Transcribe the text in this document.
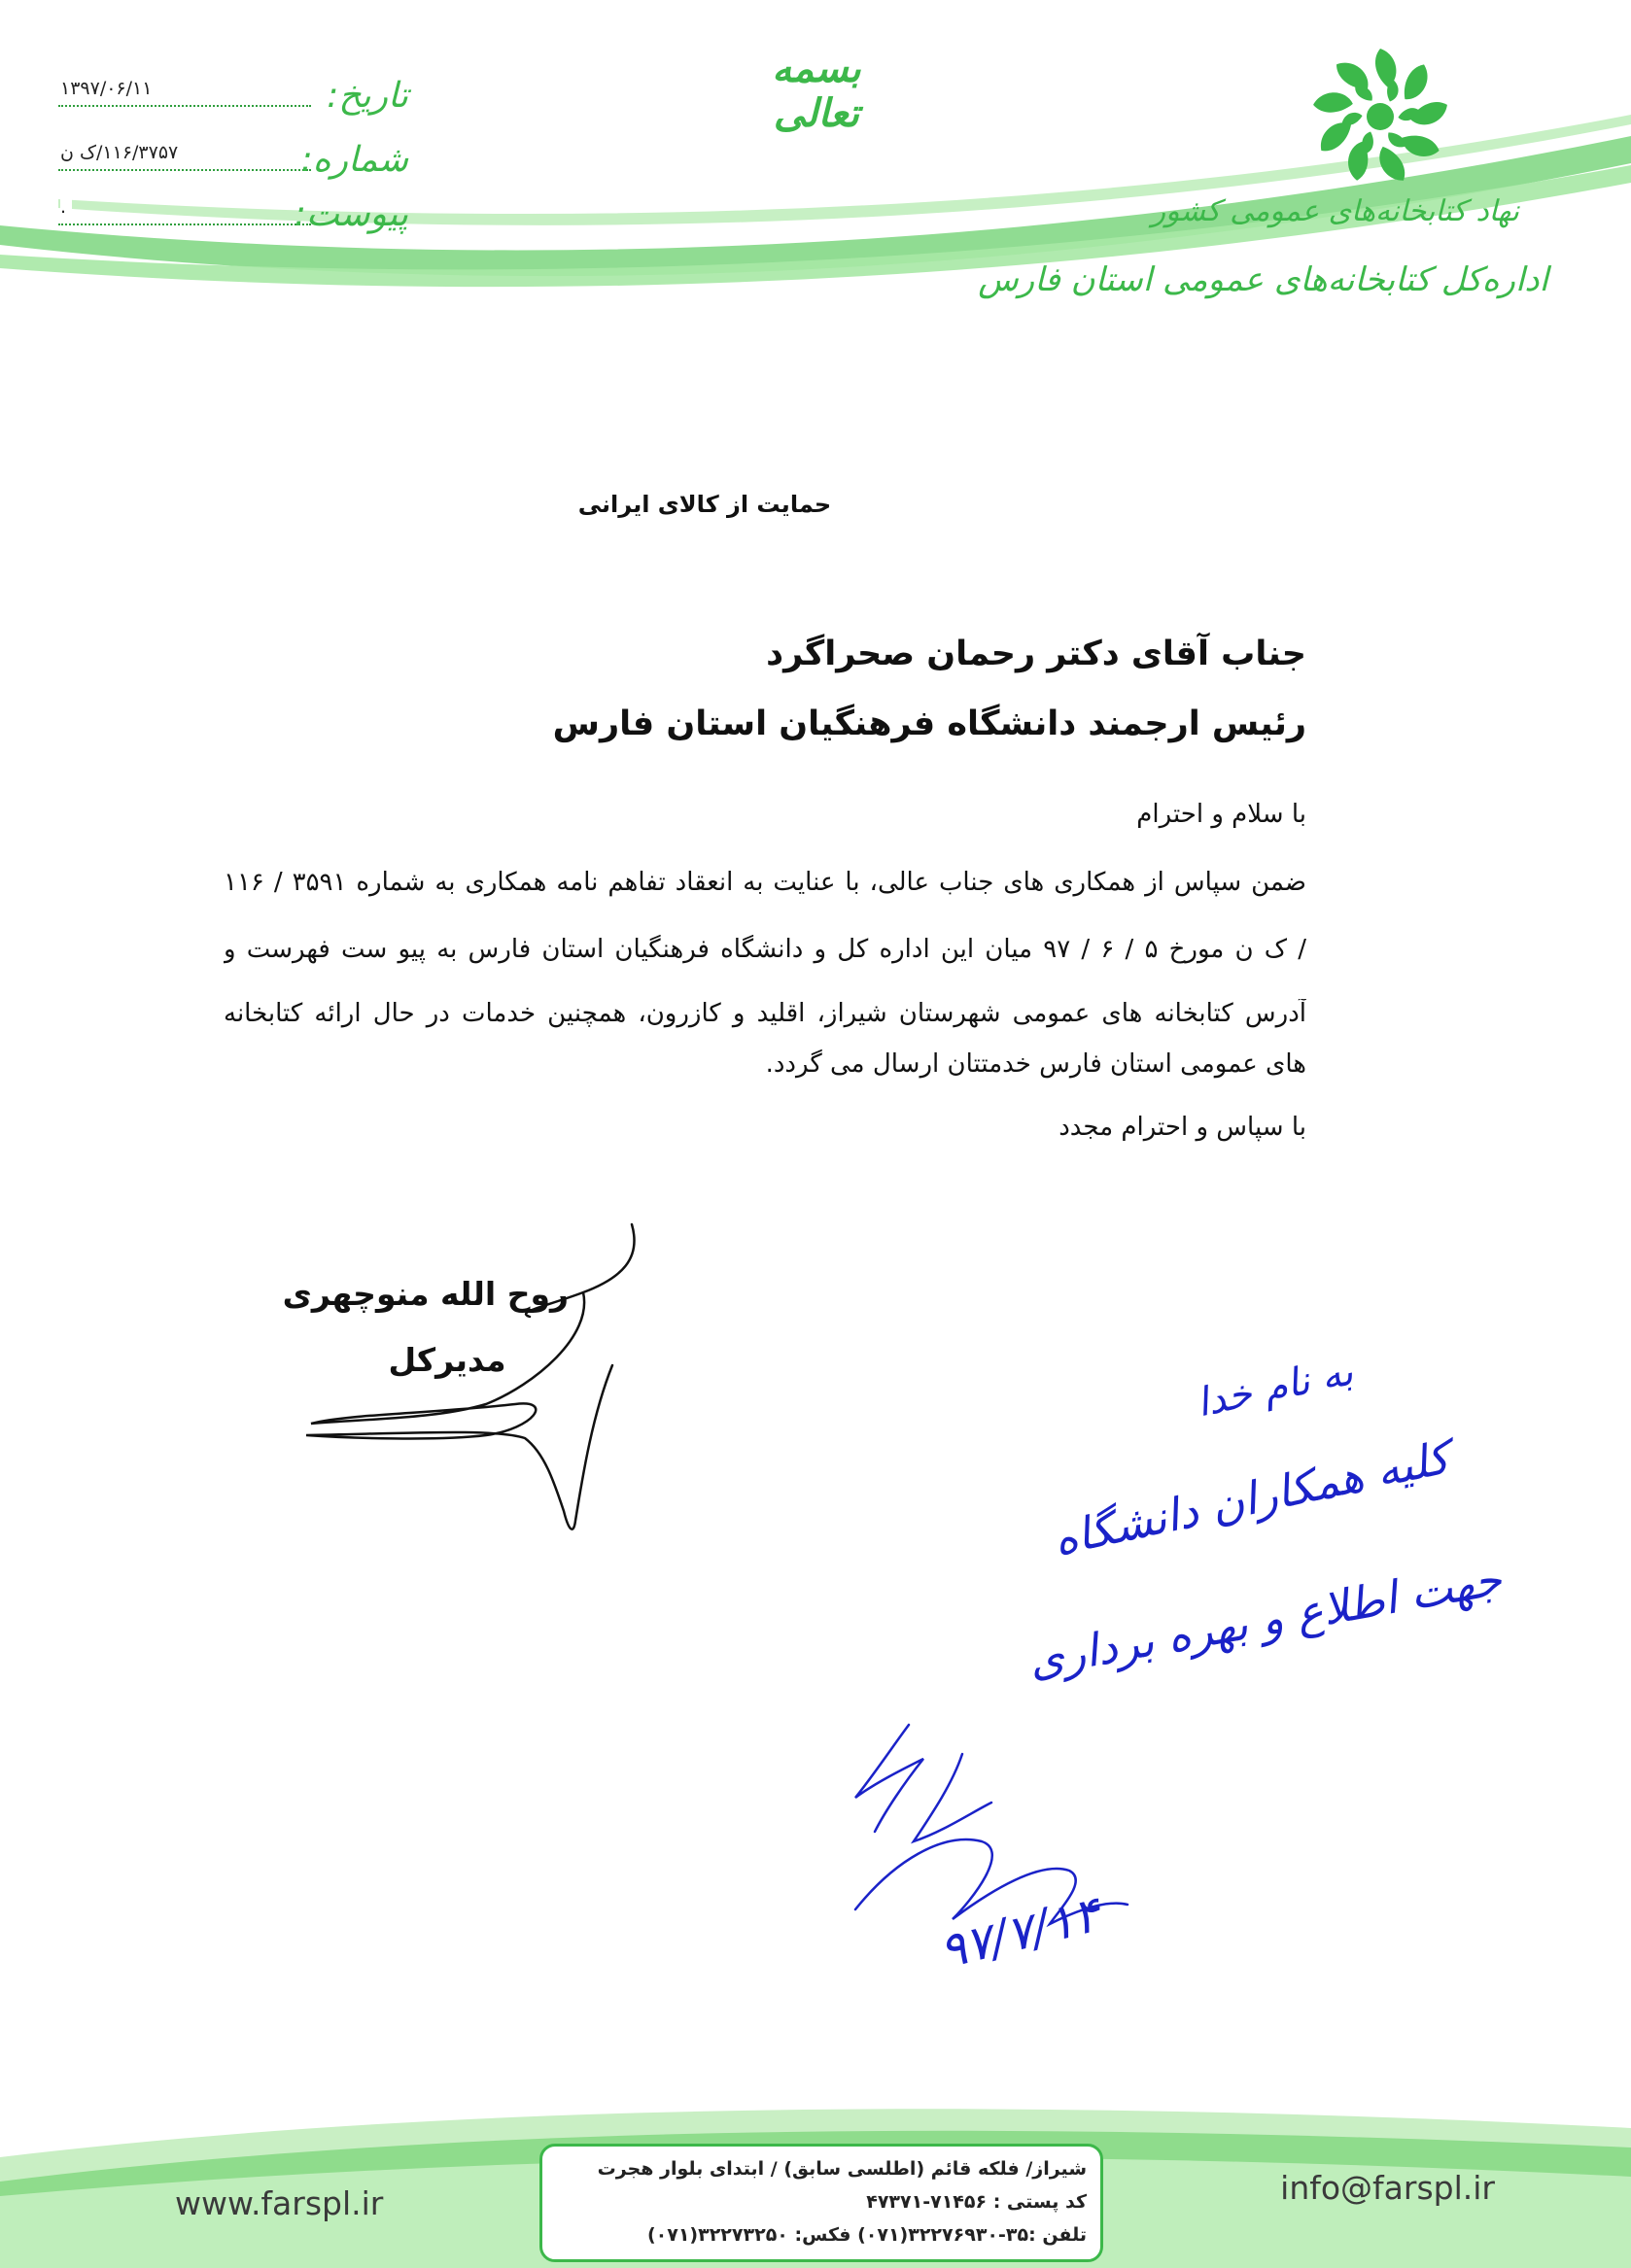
نهاد کتابخانه‌های عمومی کشور
اداره‌کل کتابخانه‌های عمومی استان فارس
بسمه تعالی
۱۳۹۷/۰۶/۱۱	تاریخ:
۱۱۶/۳۷۵۷/ک ن	شماره:
.	پیوست:
حمایت از کالای ایرانی
جناب آقای دکتر رحمان صحراگرد
رئیس ارجمند دانشگاه فرهنگیان استان فارس
با سلام و احترام
ضمن سپاس از همکاری های جناب عالی، با عنایت به انعقاد تفاهم نامه همکاری به شماره ۳۵۹۱ / ۱۱۶
/ ک ن مورخ ۵ / ۶ / ۹۷ میان این اداره کل و دانشگاه فرهنگیان استان فارس به پیو ست فهرست و
آدرس کتابخانه های عمومی شهرستان شیراز، اقلید و کازرون، همچنین خدمات در حال ارائه کتابخانه
های عمومی استان فارس خدمتتان ارسال می گردد.
با سپاس و احترام مجدد
روح الله منوچهری
مدیرکل	به نام خدا
کلیه همکاران دانشگاه
جهت اطلاع و بهره برداری
۹۷/۷/۱۴
www.farspl.ir	info@farspl.ir
شیراز/ فلکه قائم (اطلسی سابق) / ابتدای بلوار هجرت
کد پستی : ۷۱۴۵۶-۴۷۳۷۱
تلفن :۳۵-۳۲۲۷۶۹۳۰(۰۷۱) فکس: ۳۲۲۷۳۲۵۰(۰۷۱)
